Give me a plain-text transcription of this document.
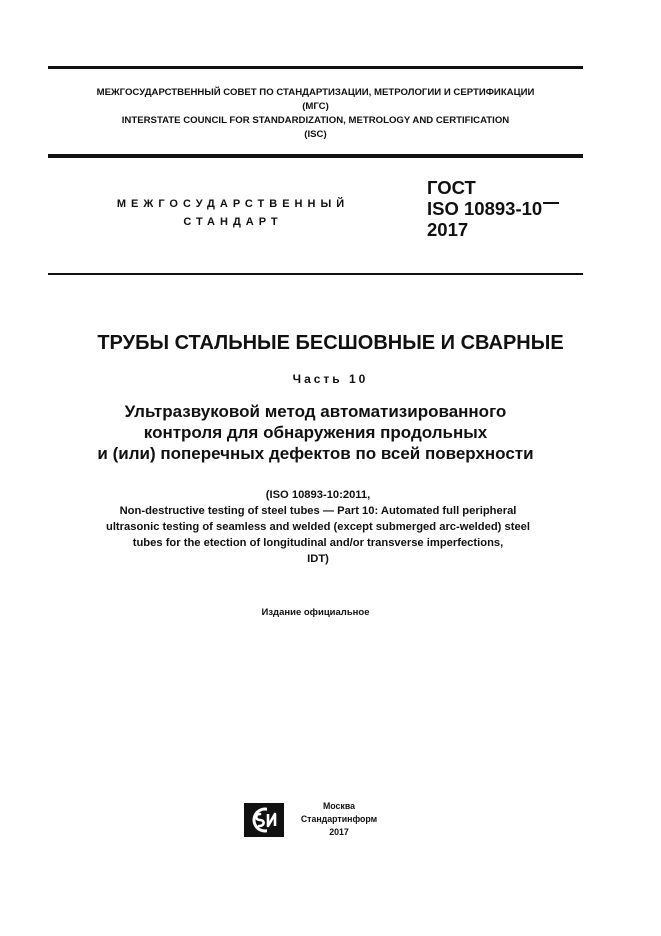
МЕЖГОСУДАРСТВЕННЫЙ СОВЕТ ПО СТАНДАРТИЗАЦИИ, МЕТРОЛОГИИ И СЕРТИФИКАЦИИ
(МГС)
INTERSTATE COUNCIL FOR STANDARDIZATION, METROLOGY AND CERTIFICATION
(ISC)
МЕЖГОСУДАРСТВЕННЫЙ
СТАНДАРТ
ГОСТ
ISO 10893-10
2017
ТРУБЫ СТАЛЬНЫЕ БЕСШОВНЫЕ И СВАРНЫЕ
Часть 10
Ультразвуковой метод автоматизированного
контроля для обнаружения продольных
и (или) поперечных дефектов по всей поверхности
(ISO 10893-10:2011,
Non-destructive testing of steel tubes — Part 10: Automated full peripheral
ultrasonic testing of seamless and welded (except submerged arc-welded) steel
tubes for the etection of longitudinal and/or transverse imperfections,
IDT)
Издание официальное
Москва
Стандартинформ
2017
